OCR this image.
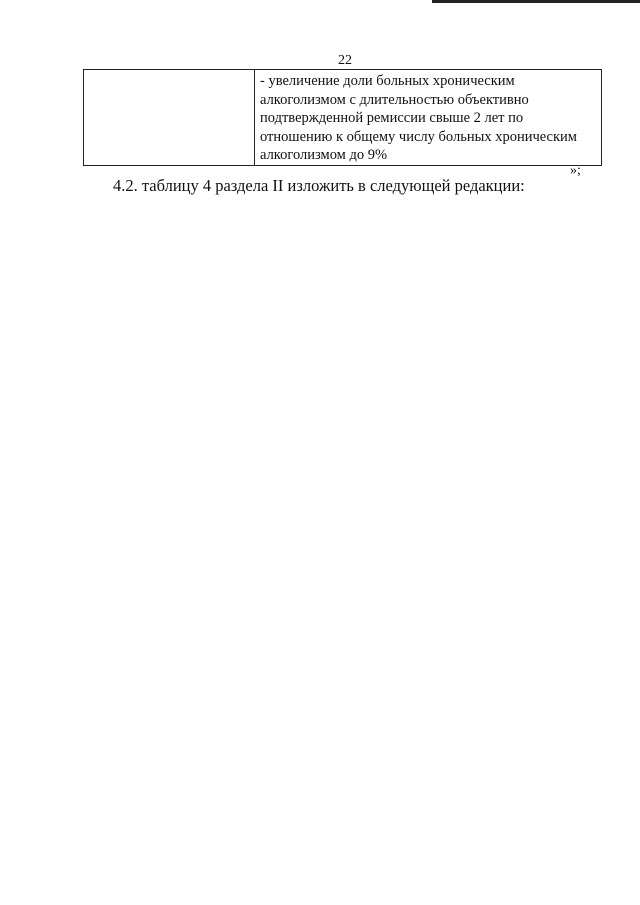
22

- увеличение доли больных хроническим алкоголизмом с длительностью объективно подтвержденной ремиссии свыше 2 лет по отношению к общему числу больных хроническим алкоголизмом до 9%
»;
4.2. таблицу 4 раздела II изложить в следующей редакции:
